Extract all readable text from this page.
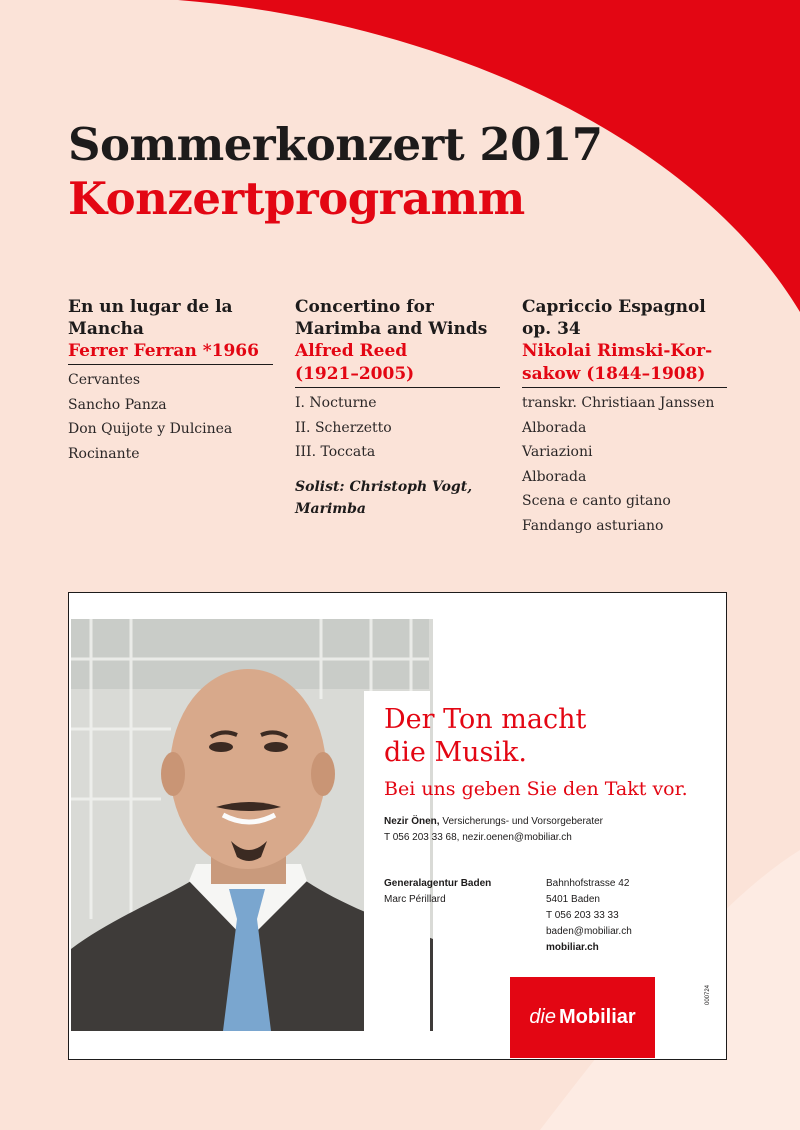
Sommerkonzert 2017
Konzertprogramm
En un lugar de la
Mancha
Ferrer Ferran *1966
Cervantes
Sancho Panza
Don Quijote y Dulcinea
Rocinante
Concertino for
Marimba and Winds
Alfred Reed
(1921–2005)
I. Nocturne
II. Scherzetto
III. Toccata
Solist: Christoph Vogt,
Marimba
Capriccio Espagnol
op. 34
Nikolai Rimski-Kor-
sakow (1844–1908)
transkr. Christiaan Janssen
Alborada
Variazioni
Alborada
Scena e canto gitano
Fandango asturiano
Der Ton macht
die Musik.
Bei uns geben Sie den Takt vor.
Nezir Önen, Versicherungs- und Vorsorgeberater
T 056 203 33 68, nezir.oenen@mobiliar.ch
Generalagentur Baden
Marc Périllard
Bahnhofstrasse 42
5401 Baden
T 056 203 33 33
baden@mobiliar.ch
mobiliar.ch
die Mobiliar
000724
